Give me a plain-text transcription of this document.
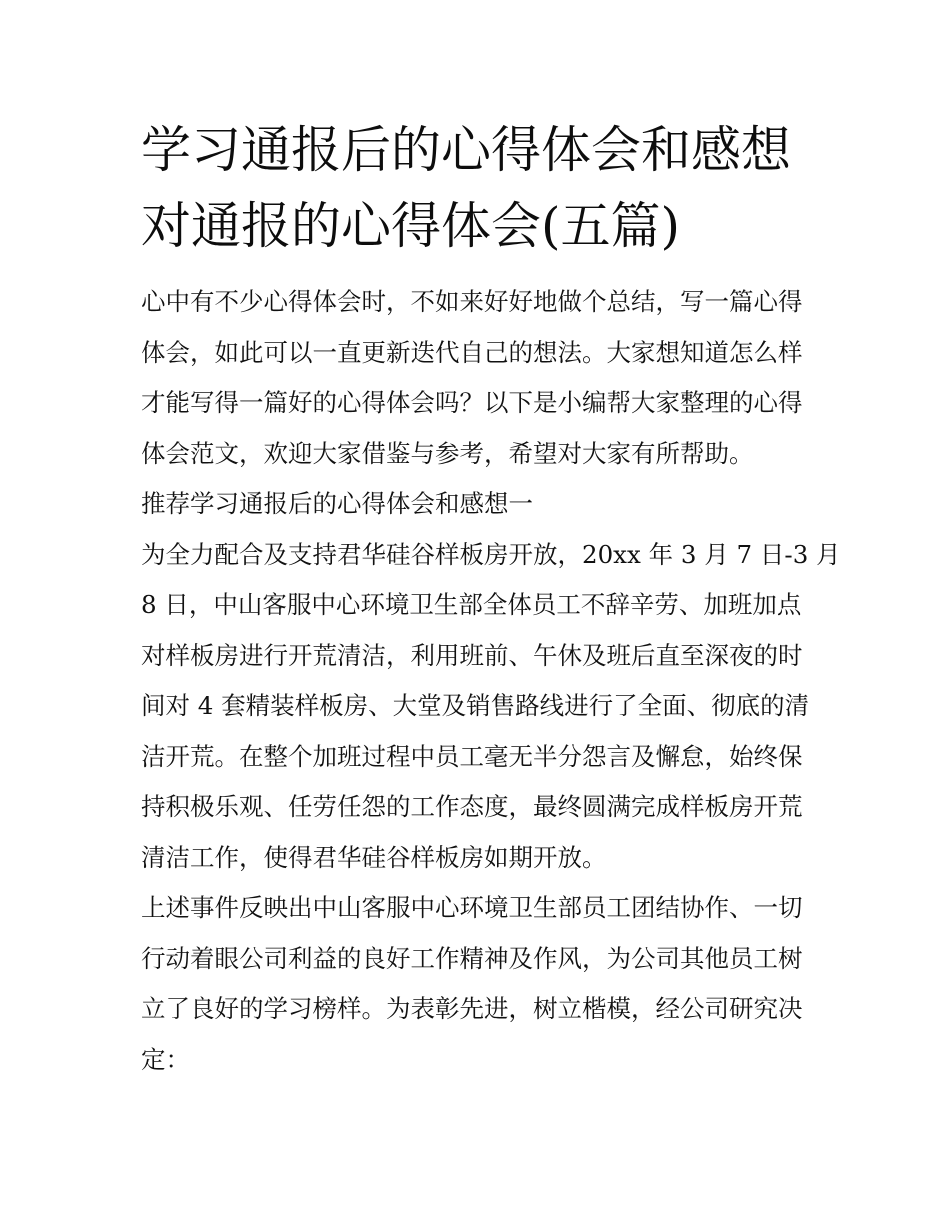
学习通报后的心得体会和感想
对通报的心得体会(五篇)
心中有不少心得体会时，不如来好好地做个总结，写一篇心得
体会，如此可以一直更新迭代自己的想法。大家想知道怎么样
才能写得一篇好的心得体会吗？以下是小编帮大家整理的心得
体会范文，欢迎大家借鉴与参考，希望对大家有所帮助。
推荐学习通报后的心得体会和感想一
为全力配合及支持君华硅谷样板房开放，20xx 年 3 月 7 日-3 月
8 日，中山客服中心环境卫生部全体员工不辞辛劳、加班加点
对样板房进行开荒清洁，利用班前、午休及班后直至深夜的时
间对 4 套精装样板房、大堂及销售路线进行了全面、彻底的清
洁开荒。在整个加班过程中员工毫无半分怨言及懈怠，始终保
持积极乐观、任劳任怨的工作态度，最终圆满完成样板房开荒
清洁工作，使得君华硅谷样板房如期开放。
上述事件反映出中山客服中心环境卫生部员工团结协作、一切
行动着眼公司利益的良好工作精神及作风，为公司其他员工树
立了良好的学习榜样。为表彰先进，树立楷模，经公司研究决
定：
